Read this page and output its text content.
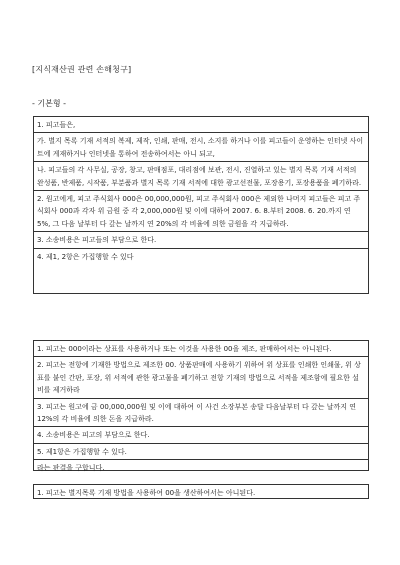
[지식재산권 관련 손해청구]
- 기본형 -
1. 피고들은,
가. 별지 목록 기재 서적의 복제, 제작, 인쇄, 판매, 전시, 소지를 하거나 이를 피고들이 운영하는 인터넷 사이트에 게재하거나 인터넷을 통하여 전송하여서는 아니 되고,
나. 피고들의 각 사무실, 공장, 창고, 판매점포, 대리점에 보관, 전시, 진열하고 있는 별지 목록 기재 서적의 완성품, 반제품, 시작품, 부분품과 별지 목록 기재 서적에 대한 광고선전물, 포장용기, 포장용품을 폐기하라.
2. 원고에게, 피고 주식회사 000은 00,000,000원, 피고 주식회사 000은 제외한 나머지 피고들은 피고 주식회사 000과 각자 위 금원 중 각 2,000,000원 및 이에 대하여 2007. 6. 8.부터 2008. 6. 20.까지 연 5%, 그 다음 날부터 다 갚는 날까지 연 20%의 각 비율에 의한 금원을 각 지급하라.
3. 소송비용은 피고들의 부담으로 한다.
4. 제1, 2항은 가집행할 수 있다
1. 피고는 000이라는 상표를 사용하거나 또는 이것을 사용한 00을 제조, 판매하여서는 아니된다.
2. 피고는 전항에 기재한 방법으로 제조한 00. 상품판매에 사용하기 위하여 위 상표를 인쇄한 인쇄물, 위 상표를 붙인 간판, 포장, 위 서적에 관한 광고물을 폐기하고 전항 기재의 방법으로 서적을 제조함에 필요한 설비를 제거하라
3. 피고는 원고에 금 00,000,000원 및 이에 대하여 이 사건 소장부본 송달 다음날부터 다 갚는 날까지 연 12%의 각 비율에 의한 돈을 지급하라.
4. 소송비용은 피고의 부담으로 한다.
5. 제1항은 가집행할 수 있다.
라는 판결을 구합니다.
1. 피고는 별지목록 기재 방법을 사용하여 00을 생산하여서는 아니된다.
